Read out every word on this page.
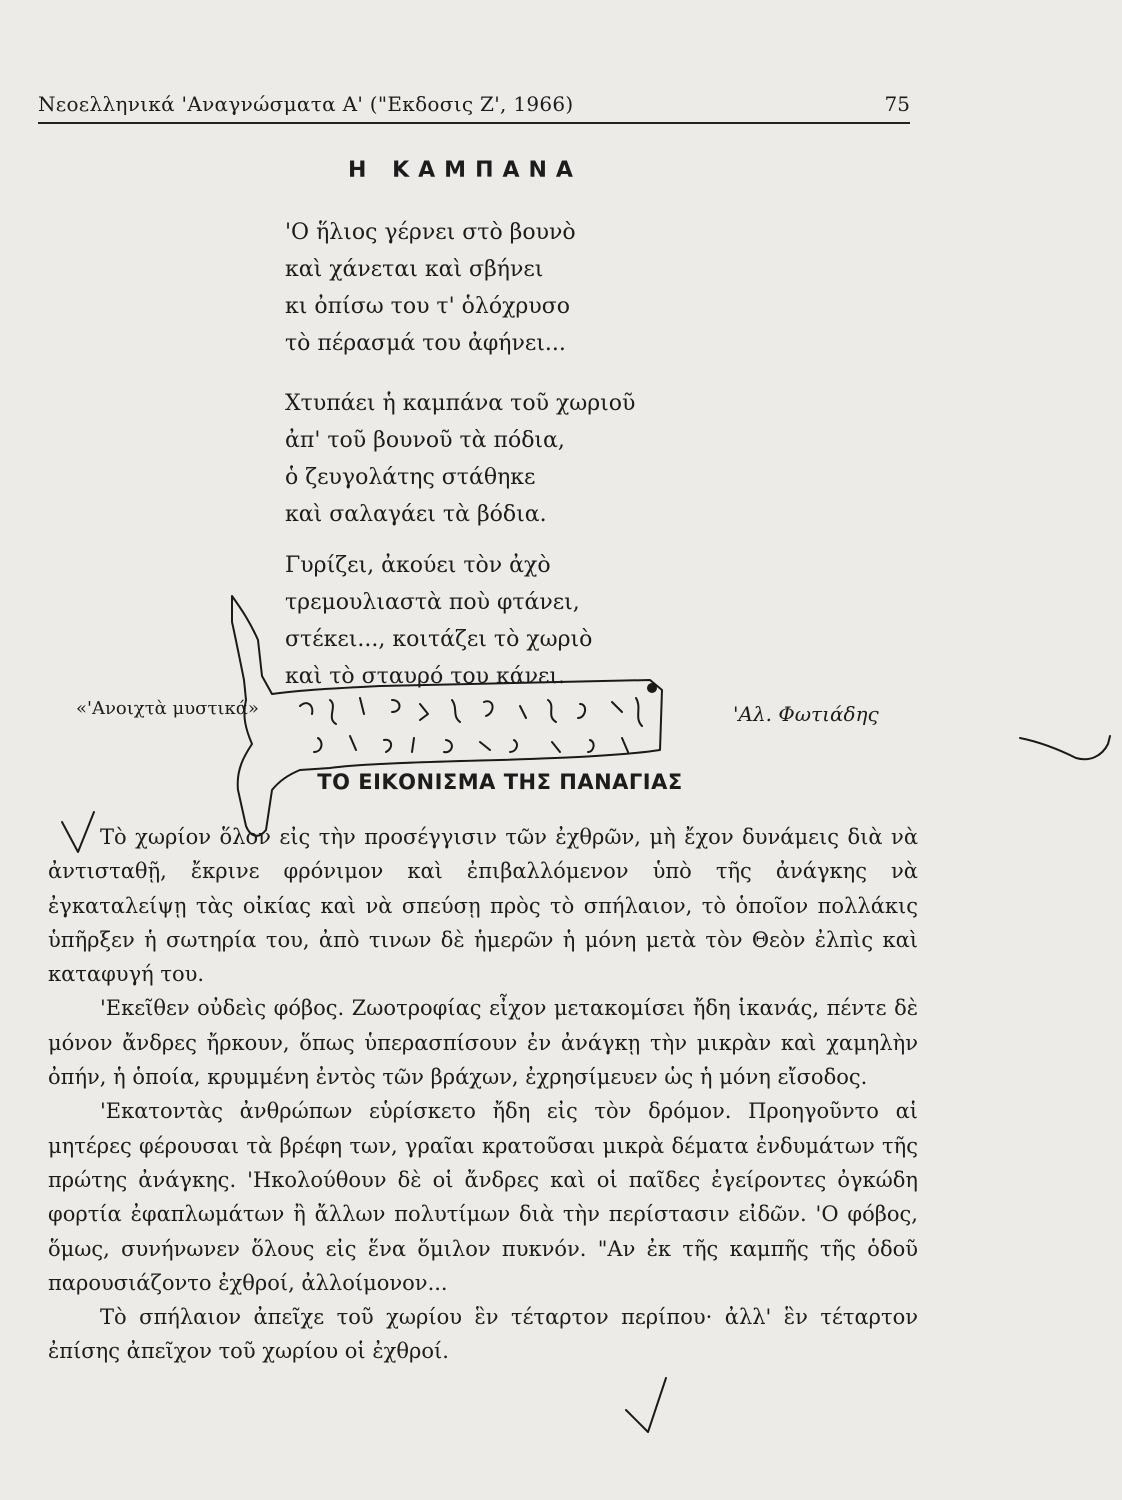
Νεοελληνικά 'Αναγνώσματα Α' ("Εκδοσις Ζ', 1966)	75
Η ΚΑΜΠΑΝΑ
'Ο ἥλιος γέρνει στὸ βουνὸ
καὶ χάνεται καὶ σβήνει
κι ὀπίσω του τ' ὁλόχρυσο
τὸ πέρασμά του ἀφήνει...
Χτυπάει ἡ καμπάνα τοῦ χωριοῦ
ἀπ' τοῦ βουνοῦ τὰ πόδια,
ὁ ζευγολάτης στάθηκε
καὶ σαλαγάει τὰ βόδια.
Γυρίζει, ἀκούει τὸν ἀχὸ
τρεμουλιαστὰ ποὺ φτάνει,
στέκει..., κοιτάζει τὸ χωριὸ
καὶ τὸ σταυρό του κάνει.
«'Ανοιχτὰ μυστικά»	'Αλ. Φωτιάδης
ΤΟ ΕΙΚΟΝΙΣΜΑ ΤΗΣ ΠΑΝΑΓΙΑΣ

Τὸ χωρίον ὅλον εἰς τὴν προσέγγισιν τῶν ἐχθρῶν, μὴ ἔχον δυνάμεις διὰ νὰ ἀντισταθῇ, ἔκρινε φρόνιμον καὶ ἐπιβαλλόμενον ὑπὸ τῆς ἀνάγκης νὰ ἐγκαταλείψῃ τὰς οἰκίας καὶ νὰ σπεύσῃ πρὸς τὸ σπήλαιον, τὸ ὁποῖον πολλάκις ὑπῆρξεν ἡ σωτηρία του, ἀπὸ τινων δὲ ἡμερῶν ἡ μόνη μετὰ τὸν Θεὸν ἐλπὶς καὶ καταφυγή του.

'Εκεῖθεν οὐδεὶς φόβος. Ζωοτροφίας εἶχον μετακομίσει ἤδη ἱκανάς, πέντε δὲ μόνον ἄνδρες ἤρκουν, ὅπως ὑπερασπίσουν ἐν ἀνάγκῃ τὴν μικρὰν καὶ χαμηλὴν ὀπήν, ἡ ὁποία, κρυμμένη ἐντὸς τῶν βράχων, ἐχρησίμευεν ὡς ἡ μόνη εἴσοδος.

'Εκατοντὰς ἀνθρώπων εὑρίσκετο ἤδη εἰς τὸν δρόμον. Προηγοῦντο αἱ μητέρες φέρουσαι τὰ βρέφη των, γραῖαι κρατοῦσαι μικρὰ δέματα ἐνδυμάτων τῆς πρώτης ἀνάγκης. 'Ηκολούθουν δὲ οἱ ἄνδρες καὶ οἱ παῖδες ἐγείροντες ὀγκώδη φορτία ἐφαπλωμάτων ἢ ἄλλων πολυτίμων διὰ τὴν περίστασιν εἰδῶν. 'Ο φόβος, ὅμως, συνήνωνεν ὅλους εἰς ἕνα ὅμιλον πυκνόν. "Αν ἐκ τῆς καμπῆς τῆς ὁδοῦ παρουσιάζοντο ἐχθροί, ἀλλοίμονον...

Τὸ σπήλαιον ἀπεῖχε τοῦ χωρίου ἓν τέταρτον περίπου· ἀλλ' ἓν τέταρτον ἐπίσης ἀπεῖχον τοῦ χωρίου οἱ ἐχθροί.
